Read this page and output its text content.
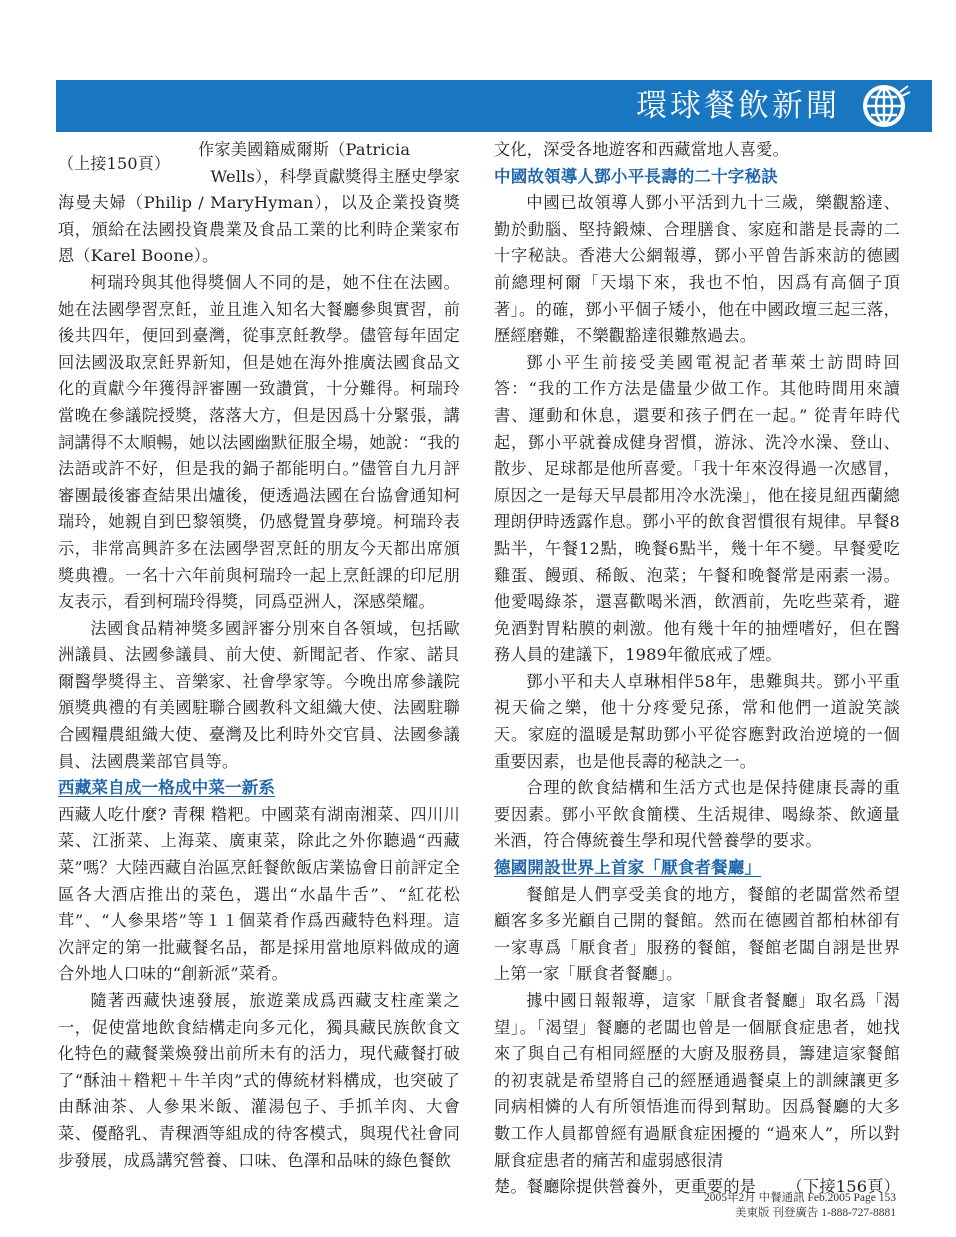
環球餐飲新聞
（上接150頁）
作家美國籍威爾斯（Patricia
Wells），科學貢獻獎得主歷史學家

海曼夫婦（Philip / MaryHyman），以及企業投資獎項，頒給在法國投資農業及食品工業的比利時企業家布恩（Karel Boone）。

柯瑞玲與其他得獎個人不同的是，她不住在法國。她在法國學習烹飪，並且進入知名大餐廳參與實習，前後共四年，便回到臺灣，從事烹飪教學。儘管每年固定回法國汲取烹飪界新知，但是她在海外推廣法國食品文化的貢獻今年獲得評審團一致讚賞，十分難得。柯瑞玲當晚在參議院授獎，落落大方，但是因爲十分緊張，講詞講得不太順暢，她以法國幽默征服全場，她說：“我的法語或許不好，但是我的鍋子都能明白。”儘管自九月評審團最後審查結果出爐後，便透過法國在台協會通知柯瑞玲，她親自到巴黎領獎，仍感覺置身夢境。柯瑞玲表示，非常高興許多在法國學習烹飪的朋友今天都出席頒獎典禮。一名十六年前與柯瑞玲一起上烹飪課的印尼朋友表示，看到柯瑞玲得獎，同爲亞洲人，深感榮耀。

法國食品精神獎多國評審分別來自各領域，包括歐洲議員、法國參議員、前大使、新聞記者、作家、諾貝爾醫學獎得主、音樂家、社會學家等。今晚出席參議院頒獎典禮的有美國駐聯合國教科文組織大使、法國駐聯合國糧農組織大使、臺灣及比利時外交官員、法國參議員、法國農業部官員等。

西藏菜自成一格成中菜一新系

西藏人吃什麼? 青稞 糌粑。中國菜有湖南湘菜、四川川菜、江浙菜、上海菜、廣東菜，除此之外你聽過“西藏菜”嗎？大陸西藏自治區烹飪餐飲飯店業協會日前評定全區各大酒店推出的菜色，選出“水晶牛舌”、“紅花松茸”、“人參果塔”等１１個菜肴作爲西藏特色料理。這次評定的第一批藏餐名品，都是採用當地原料做成的適合外地人口味的“創新派”菜肴。

隨著西藏快速發展，旅遊業成爲西藏支柱產業之一，促使當地飲食結構走向多元化，獨具藏民族飲食文化特色的藏餐業煥發出前所未有的活力，現代藏餐打破了“酥油＋糌粑＋牛羊肉”式的傳統材料構成，也突破了由酥油茶、人參果米飯、灌湯包子、手抓羊肉、大會菜、優酪乳、青稞酒等組成的待客模式，與現代社會同步發展，成爲講究營養、口味、色澤和品味的綠色餐飲

文化，深受各地遊客和西藏當地人喜愛。

中國故領導人鄧小平長壽的二十字秘訣

中國已故領導人鄧小平活到九十三歲，樂觀豁達、勤於動腦、堅持鍛煉、合理膳食、家庭和諧是長壽的二十字秘訣。香港大公網報導，鄧小平曾告訴來訪的德國前總理柯爾「天塌下來，我也不怕，因爲有高個子頂著」。的確，鄧小平個子矮小，他在中國政壇三起三落，歷經磨難，不樂觀豁達很難熬過去。

鄧小平生前接受美國電視記者華萊士訪問時回答：“我的工作方法是儘量少做工作。其他時間用來讀書、運動和休息，還要和孩子們在一起。” 從青年時代起，鄧小平就養成健身習慣，游泳、洗冷水澡、登山、散步、足球都是他所喜愛。「我十年來沒得過一次感冒，原因之一是每天早晨都用冷水洗澡」，他在接見紐西蘭總理朗伊時透露作息。鄧小平的飲食習慣很有規律。早餐8點半，午餐12點，晚餐6點半，幾十年不變。早餐愛吃雞蛋、饅頭、稀飯、泡菜；午餐和晚餐常是兩素一湯。他愛喝綠茶，還喜歡喝米酒，飲酒前，先吃些菜肴，避免酒對胃粘膜的刺激。他有幾十年的抽煙嗜好，但在醫務人員的建議下，1989年徹底戒了煙。

鄧小平和夫人卓琳相伴58年，患難與共。鄧小平重視天倫之樂，他十分疼愛兒孫，常和他們一道說笑談天。家庭的溫暖是幫助鄧小平從容應對政治逆境的一個重要因素，也是他長壽的秘訣之一。

合理的飲食結構和生活方式也是保持健康長壽的重要因素。鄧小平飲食簡樸、生活規律、喝綠茶、飲適量米酒，符合傳統養生學和現代營養學的要求。

德國開設世界上首家「厭食者餐廳」

餐館是人們享受美食的地方，餐館的老闆當然希望顧客多多光顧自己開的餐館。然而在德國首都柏林卻有一家專爲「厭食者」服務的餐館，餐館老闆自詡是世界上第一家「厭食者餐廳」。

據中國日報報導，這家「厭食者餐廳」取名爲「渴望」。「渴望」餐廳的老闆也曾是一個厭食症患者，她找來了與自己有相同經歷的大廚及服務員，籌建這家餐館的初衷就是希望將自己的經歷通過餐桌上的訓練讓更多同病相憐的人有所領悟進而得到幫助。因爲餐廳的大多數工作人員都曾經有過厭食症困擾的 “過來人”，所以對厭食症患者的痛苦和虛弱感很清

楚。餐廳除提供營養外，更重要的是 （下接156頁）
2005年2月 中餐通訊 Feb.2005 Page 153
美東版 刊登廣告 1-888-727-8881
